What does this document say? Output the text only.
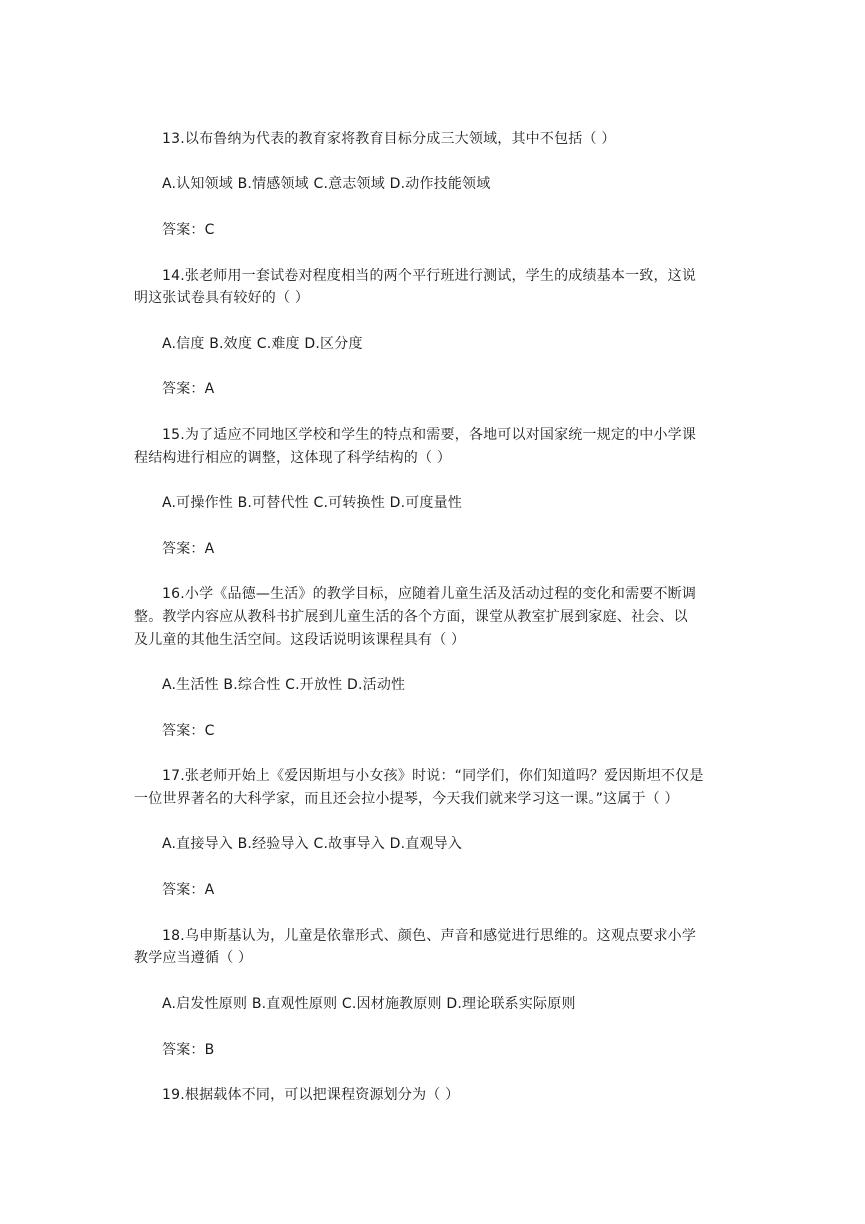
13.以布鲁纳为代表的教育家将教育目标分成三大领域，其中不包括（ ）
A.认知领域 B.情感领域 C.意志领域 D.动作技能领域
答案：C
14.张老师用一套试卷对程度相当的两个平行班进行测试，学生的成绩基本一致，这说
明这张试卷具有较好的（ ）
A.信度 B.效度 C.难度 D.区分度
答案：A
15.为了适应不同地区学校和学生的特点和需要，各地可以对国家统一规定的中小学课
程结构进行相应的调整，这体现了科学结构的（ ）
A.可操作性 B.可替代性 C.可转换性 D.可度量性
答案：A
16.小学《品德—生活》的教学目标，应随着儿童生活及活动过程的变化和需要不断调
整。教学内容应从教科书扩展到儿童生活的各个方面，课堂从教室扩展到家庭、社会、以
及儿童的其他生活空间。这段话说明该课程具有（ ）
A.生活性 B.综合性 C.开放性 D.活动性
答案：C
17.张老师开始上《爱因斯坦与小女孩》时说：“同学们，你们知道吗？爱因斯坦不仅是
一位世界著名的大科学家，而且还会拉小提琴，今天我们就来学习这一课。”这属于（ ）
A.直接导入 B.经验导入 C.故事导入 D.直观导入
答案：A
18.乌申斯基认为，儿童是依靠形式、颜色、声音和感觉进行思维的。这观点要求小学
教学应当遵循（ ）
A.启发性原则 B.直观性原则 C.因材施教原则 D.理论联系实际原则
答案：B
19.根据载体不同，可以把课程资源划分为（ ）
